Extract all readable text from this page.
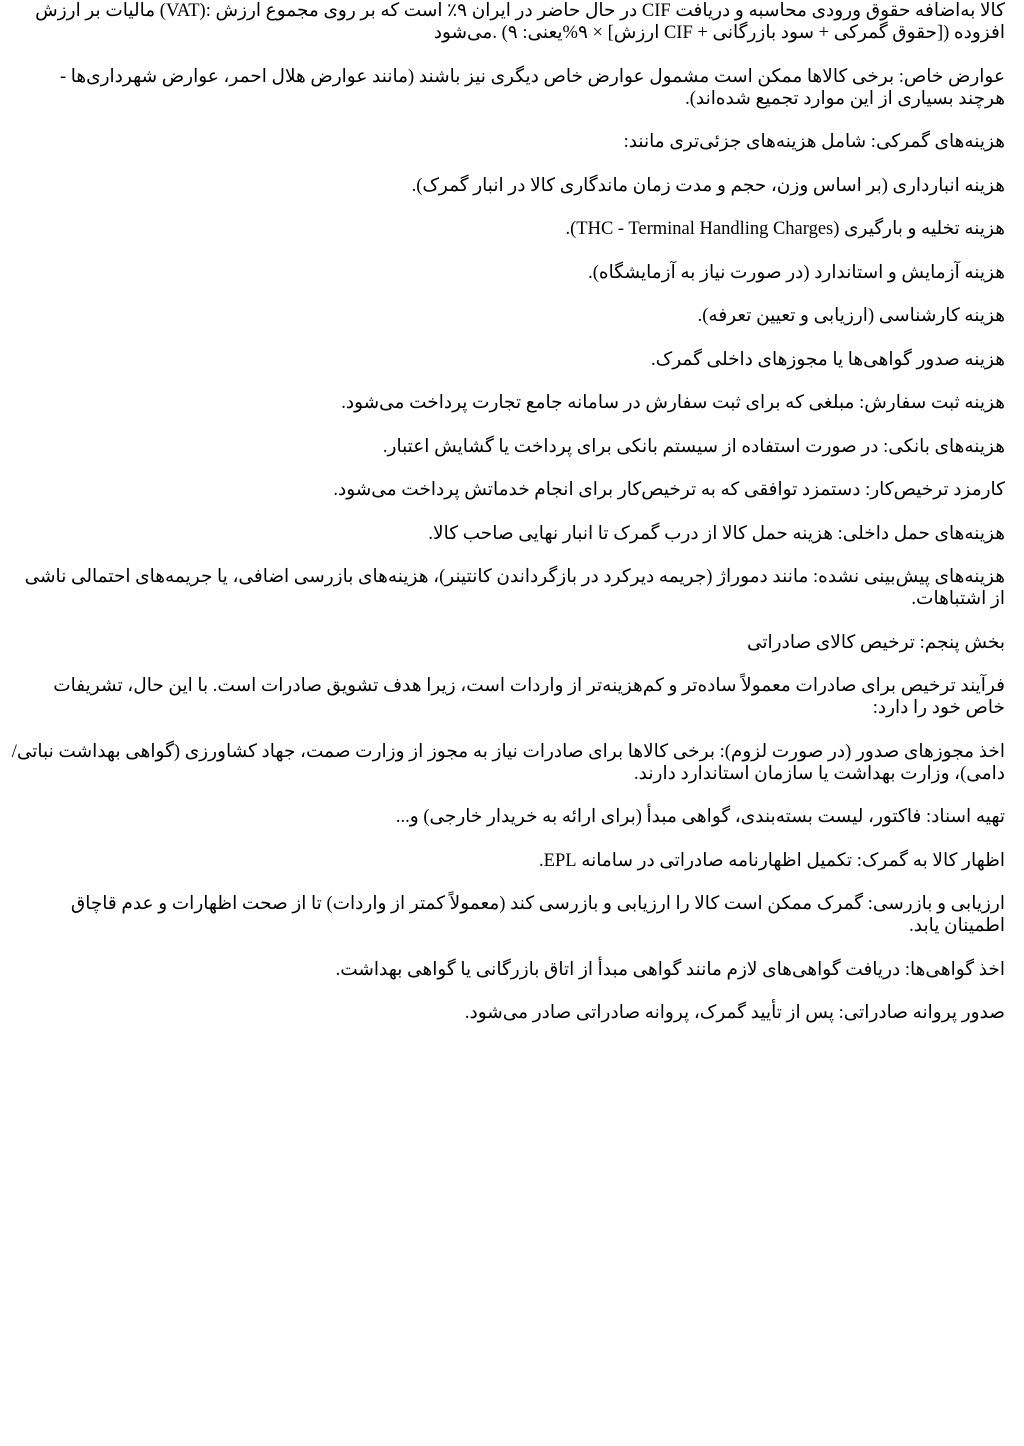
کالا به‌اضافه حقوق ورودی محاسبه و دریافت CIF در حال حاضر در ایران ۹٪ است که بر روی مجموع ارزش :(VAT) مالیات بر ارزش افزوده ([حقوق گمرکی + سود بازرگانی + CIF ارزش] × ۹%یعنی: ۹) .می‌شود

عوارض خاص: برخی کالاها ممکن است مشمول عوارض خاص دیگری نیز باشند (مانند عوارض هلال احمر، عوارض شهرداری‌ها - هرچند بسیاری از این موارد تجمیع شده‌اند).

هزینه‌های گمرکی: شامل هزینه‌های جزئی‌تری مانند:

هزینه انبارداری (بر اساس وزن، حجم و مدت زمان ماندگاری کالا در انبار گمرک).

هزینه تخلیه و بارگیری (THC - Terminal Handling Charges).

هزینه آزمایش و استاندارد (در صورت نیاز به آزمایشگاه).

هزینه کارشناسی (ارزیابی و تعیین تعرفه).

هزینه صدور گواهی‌ها یا مجوزهای داخلی گمرک.

هزینه ثبت سفارش: مبلغی که برای ثبت سفارش در سامانه جامع تجارت پرداخت می‌شود.

هزینه‌های بانکی: در صورت استفاده از سیستم بانکی برای پرداخت یا گشایش اعتبار.

کارمزد ترخیص‌کار: دستمزد توافقی که به ترخیص‌کار برای انجام خدماتش پرداخت می‌شود.

هزینه‌های حمل داخلی: هزینه حمل کالا از درب گمرک تا انبار نهایی صاحب کالا.

هزینه‌های پیش‌بینی نشده: مانند دموراژ (جریمه دیرکرد در بازگرداندن کانتینر)، هزینه‌های بازرسی اضافی، یا جریمه‌های احتمالی ناشی از اشتباهات.

بخش پنجم: ترخیص کالای صادراتی

فرآیند ترخیص برای صادرات معمولاً ساده‌تر و کم‌هزینه‌تر از واردات است، زیرا هدف تشویق صادرات است. با این حال، تشریفات خاص خود را دارد:

اخذ مجوزهای صدور (در صورت لزوم): برخی کالاها برای صادرات نیاز به مجوز از وزارت صمت، جهاد کشاورزی (گواهی بهداشت نباتی/دامی)، وزارت بهداشت یا سازمان استاندارد دارند.

تهیه اسناد: فاکتور، لیست بسته‌بندی، گواهی مبدأ (برای ارائه به خریدار خارجی) و...

اظهار کالا به گمرک: تکمیل اظهارنامه صادراتی در سامانه EPL.

ارزیابی و بازرسی: گمرک ممکن است کالا را ارزیابی و بازرسی کند (معمولاً کمتر از واردات) تا از صحت اظهارات و عدم قاچاق اطمینان یابد.

اخذ گواهی‌ها: دریافت گواهی‌های لازم مانند گواهی مبدأ از اتاق بازرگانی یا گواهی بهداشت.

صدور پروانه صادراتی: پس از تأیید گمرک، پروانه صادراتی صادر می‌شود.
